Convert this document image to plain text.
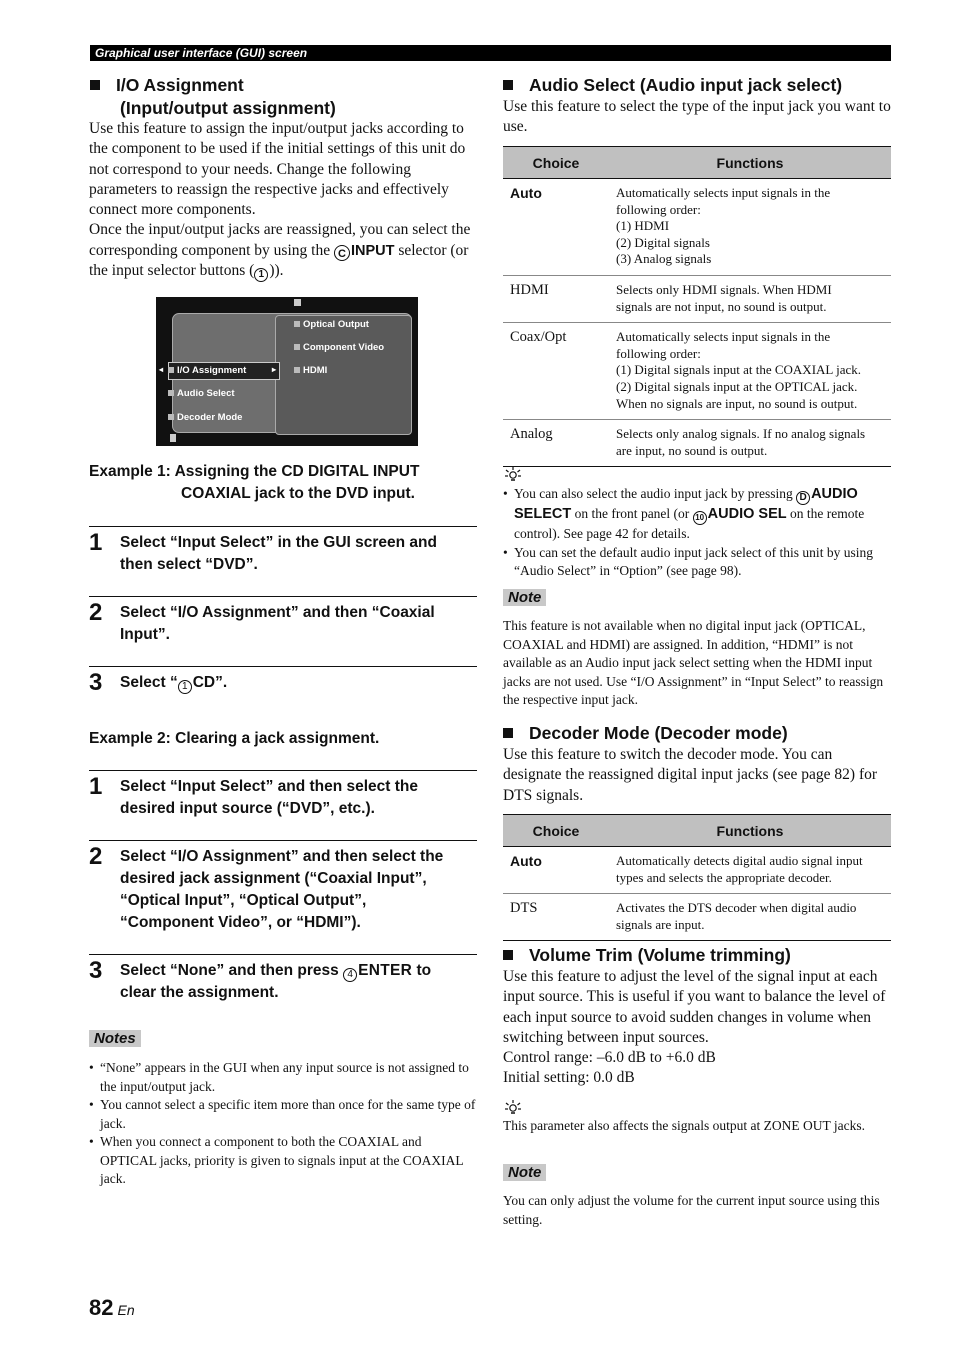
Graphical user interface (GUI) screen
I/O Assignment
(Input/output assignment)
Use this feature to assign the input/output jacks according to the component to be used if the initial settings of this unit do not correspond to your needs. Change the following parameters to reassign the respective jacks and effectively connect more components.
Once the input/output jacks are reassigned, you can select the corresponding component by using the C INPUT selector (or the input selector buttons ( 1 )).
◂	▸
I/O Assignment
Audio Select
Decoder Mode
Optical Output
Component Video
HDMI
Example 1: Assigning the CD DIGITAL INPUT
COAXIAL jack to the DVD input.
1 Select “Input Select” in the GUI screen and
then select “DVD”.
2 Select “I/O Assignment” and then “Coaxial
Input”.
3 Select “ 1 CD”.
Example 2: Clearing a jack assignment.
1 Select “Input Select” and then select the
desired input source (“DVD”, etc.).
2 Select “I/O Assignment” and then select the
desired jack assignment (“Coaxial Input”,
“Optical Input”, “Optical Output”,
“Component Video”, or “HDMI”).
3 Select “None” and then press 4 ENTER to
clear the assignment.
Notes
• “None” appears in the GUI when any input source is not assigned to the input/output jack.
• You cannot select a specific item more than once for the same type of jack.
• When you connect a component to both the COAXIAL and OPTICAL jacks, priority is given to signals input at the COAXIAL jack.
Audio Select (Audio input jack select)
Use this feature to select the type of the input jack you want to use.
Choice	Functions
Auto	Automatically selects input signals in the
following order:
(1) HDMI
(2) Digital signals
(3) Analog signals

HDMI	Selects only HDMI signals. When HDMI
signals are not input, no sound is output.

Coax/Opt	Automatically selects input signals in the
following order:
(1) Digital signals input at the COAXIAL jack.
(2) Digital signals input at the OPTICAL jack.
When no signals are input, no sound is output.

Analog	Selects only analog signals. If no analog signals
are input, no sound is output.
• You can also select the audio input jack by pressing D AUDIO SELECT on the front panel (or 10 AUDIO SEL on the remote control). See page 42 for details.
• You can set the default audio input jack select of this unit by using “Audio Select” in “Option” (see page 98).
Note
This feature is not available when no digital input jack (OPTICAL, COAXIAL and HDMI) are assigned. In addition, “HDMI” is not available as an Audio input jack select setting when the HDMI input jacks are not used. Use “I/O Assignment” in “Input Select” to reassign the respective input jack.
Decoder Mode (Decoder mode)
Use this feature to switch the decoder mode. You can designate the reassigned digital input jacks (see page 82) for DTS signals.
Choice	Functions
Auto	Automatically detects digital audio signal input
types and selects the appropriate decoder.

DTS	Activates the DTS decoder when digital audio
signals are input.
Volume Trim (Volume trimming)
Use this feature to adjust the level of the signal input at each input source. This is useful if you want to balance the level of each input source to avoid sudden changes in volume when switching between input sources.
Control range: –6.0 dB to +6.0 dB
Initial setting: 0.0 dB
This parameter also affects the signals output at ZONE OUT jacks.
Note
You can only adjust the volume for the current input source using this setting.
82 En
